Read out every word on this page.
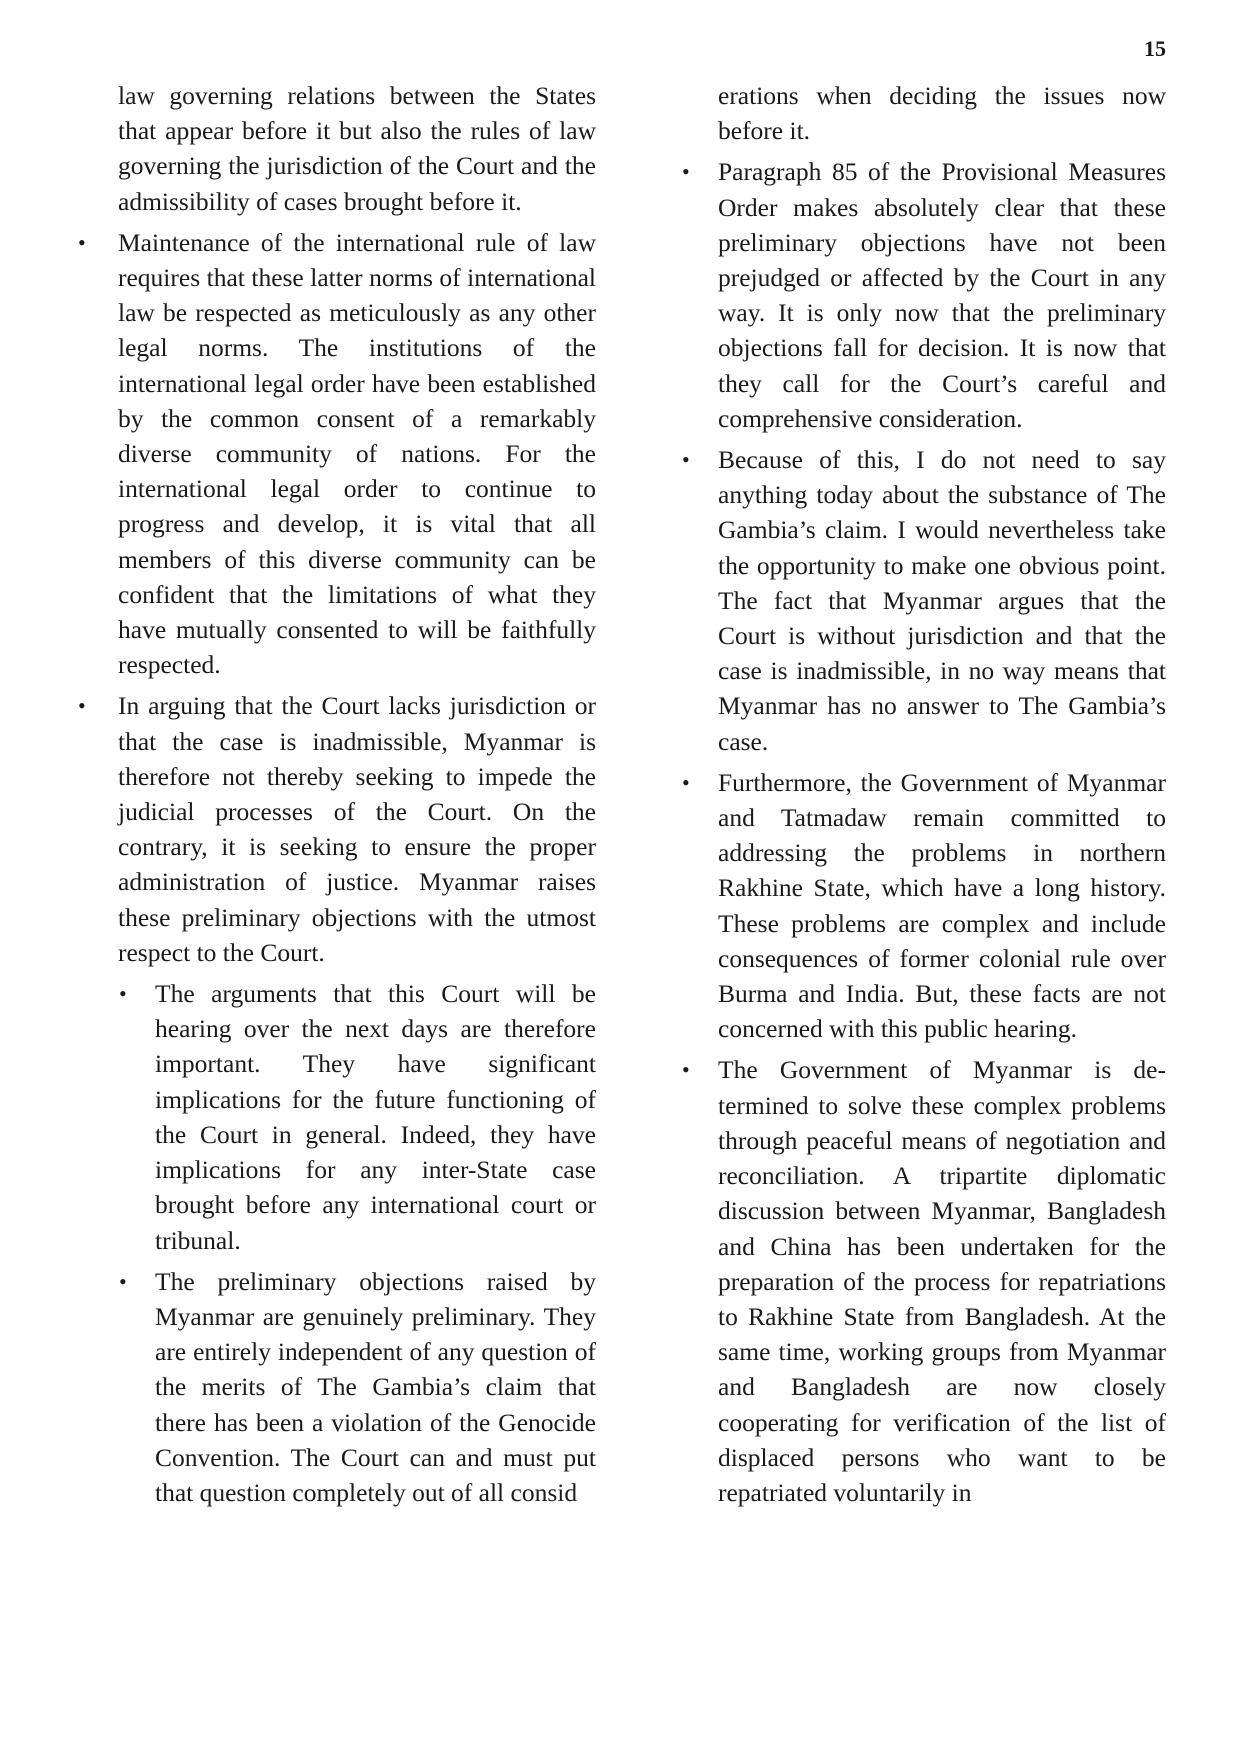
15

law governing relations between the States that appear before it but also the rules of law governing the jurisdiction of the Court and the admissibility of cases brought before it.

• Maintenance of the international rule of law requires that these latter norms of international law be respected as meticulously as any other legal norms. The institutions of the international legal order have been established by the common consent of a remarkably diverse community of nations. For the international legal order to continue to progress and develop, it is vital that all members of this diverse community can be confident that the limitations of what they have mutually consented to will be faithfully respected.
• In arguing that the Court lacks jurisdiction or that the case is inadmissible, Myanmar is therefore not thereby seeking to impede the judicial processes of the Court. On the contrary, it is seeking to ensure the proper administration of justice. Myanmar raises these preliminary objections with the utmost respect to the Court.
• The arguments that this Court will be hearing over the next days are therefore important. They have significant implications for the future functioning of the Court in general. Indeed, they have implications for any inter-State case brought before any international court or tribunal.
• The preliminary objections raised by Myanmar are genuinely preliminary. They are entirely independent of any question of the merits of The Gambia’s claim that there has been a violation of the Genocide Convention. The Court can and must put that question completely out of all consid

erations when deciding the issues now before it.

• Paragraph 85 of the Provisional Measures Order makes absolutely clear that these preliminary objections have not been prejudged or affected by the Court in any way. It is only now that the preliminary objections fall for decision. It is now that they call for the Court’s careful and comprehensive consideration.
• Because of this, I do not need to say anything today about the substance of The Gambia’s claim. I would nevertheless take the opportunity to make one obvious point. The fact that Myanmar argues that the Court is without jurisdiction and that the case is inadmissible, in no way means that Myanmar has no answer to The Gambia’s case.
• Furthermore, the Government of Myanmar and Tatmadaw remain committed to addressing the problems in northern Rakhine State, which have a long history. These problems are complex and include consequences of former colonial rule over Burma and India. But, these facts are not concerned with this public hearing.
• The Government of Myanmar is determined to solve these complex problems through peaceful means of negotiation and reconciliation. A tripartite diplomatic discussion between Myanmar, Bangladesh and China has been undertaken for the preparation of the process for repatriations to Rakhine State from Bangladesh. At the same time, working groups from Myanmar and Bangladesh are now closely cooperating for verification of the list of displaced persons who want to be repatriated voluntarily in
